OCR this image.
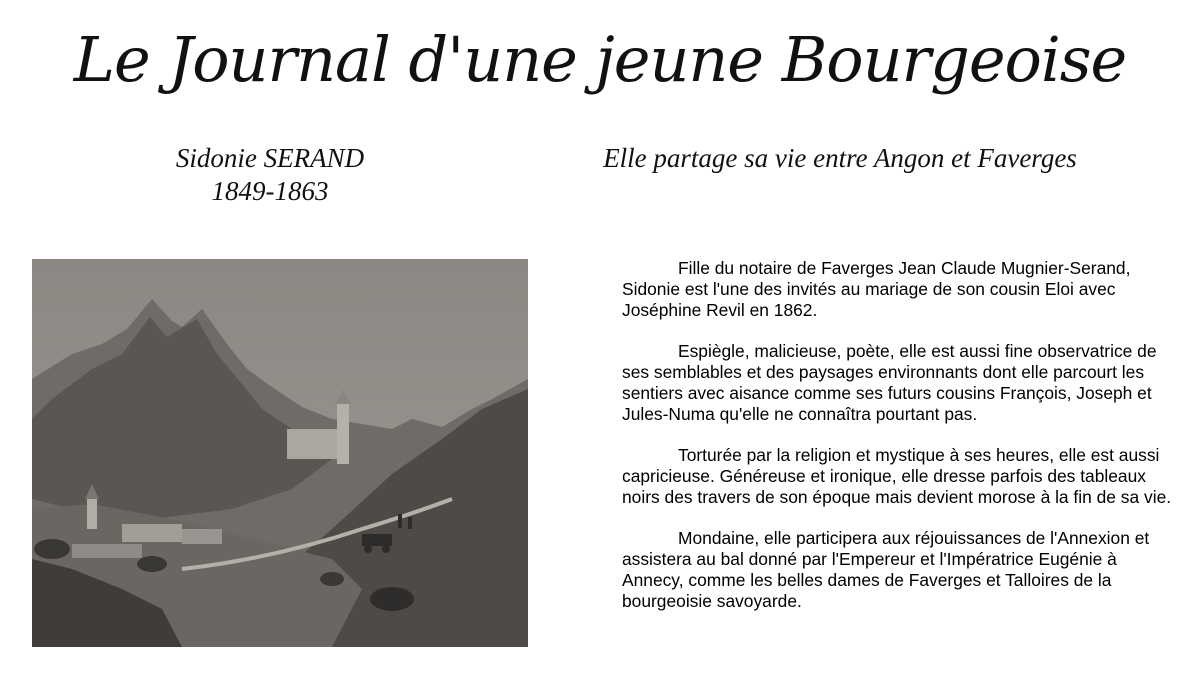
Le Journal d'une jeune Bourgeoise
Sidonie SERAND
1849-1863
Elle partage sa vie entre Angon et Faverges

Fille du notaire de Faverges Jean Claude Mugnier-Serand, Sidonie est l'une des invités au mariage de son cousin Eloi avec Joséphine Revil en 1862.

Espiègle, malicieuse, poète, elle est aussi fine observatrice de ses semblables et des paysages environnants dont elle parcourt les sentiers avec aisance comme ses futurs cousins François, Joseph et Jules-Numa qu'elle ne connaîtra pourtant pas.

Torturée par la religion et mystique à ses heures, elle est aussi capricieuse. Généreuse et ironique, elle dresse parfois des tableaux noirs des travers de son époque mais devient morose à la fin de sa vie.

Mondaine, elle participera aux réjouissances de l'Annexion et assistera au bal donné par l'Empereur et l'Impératrice Eugénie à Annecy, comme les belles dames de Faverges et Talloires de la bourgeoisie savoyarde.
